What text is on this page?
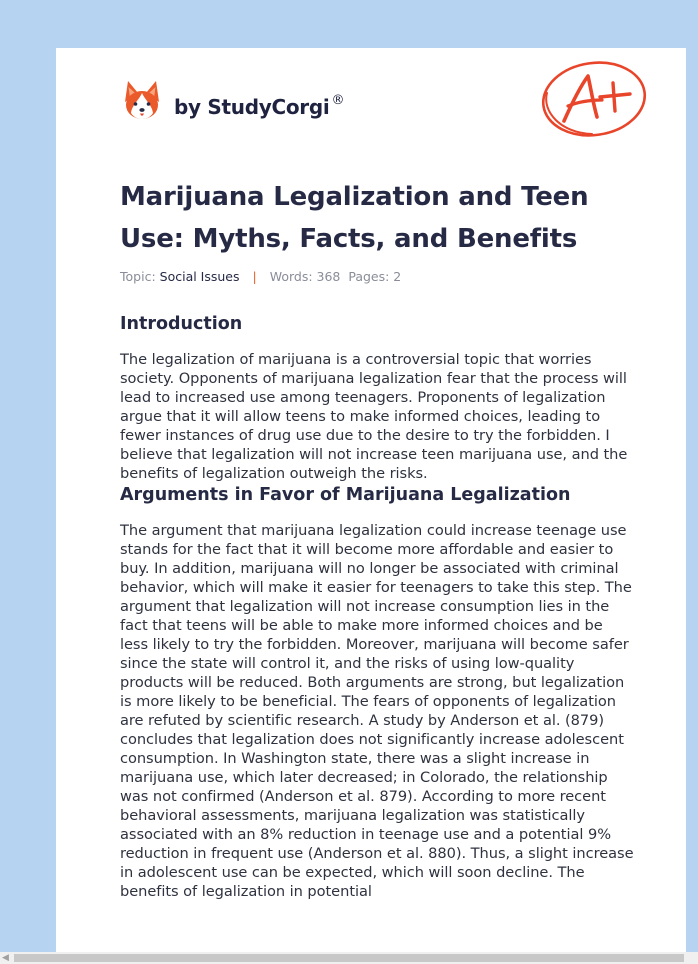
by StudyCorgi ®
A+
Marijuana Legalization and Teen Use: Myths, Facts, and Benefits
Topic: Social Issues | Words: 368 Pages: 2
Introduction

The legalization of marijuana is a controversial topic that worries society. Opponents of marijuana legalization fear that the process will lead to increased use among teenagers. Proponents of legalization argue that it will allow teens to make informed choices, leading to fewer instances of drug use due to the desire to try the forbidden. I believe that legalization will not increase teen marijuana use, and the benefits of legalization outweigh the risks.

Arguments in Favor of Marijuana Legalization

The argument that marijuana legalization could increase teenage use stands for the fact that it will become more affordable and easier to buy. In addition, marijuana will no longer be associated with criminal behavior, which will make it easier for teenagers to take this step. The argument that legalization will not increase consumption lies in the fact that teens will be able to make more informed choices and be less likely to try the forbidden. Moreover, marijuana will become safer since the state will control it, and the risks of using low-quality products will be reduced. Both arguments are strong, but legalization is more likely to be beneficial. The fears of opponents of legalization are refuted by scientific research. A study by Anderson et al. (879) concludes that legalization does not significantly increase adolescent consumption. In Washington state, there was a slight increase in marijuana use, which later decreased; in Colorado, the relationship was not confirmed (Anderson et al. 879). According to more recent behavioral assessments, marijuana legalization was statistically associated with an 8% reduction in teenage use and a potential 9% reduction in frequent use (Anderson et al. 880). Thus, a slight increase in adolescent use can be expected, which will soon decline. The benefits of legalization in potential

◀
